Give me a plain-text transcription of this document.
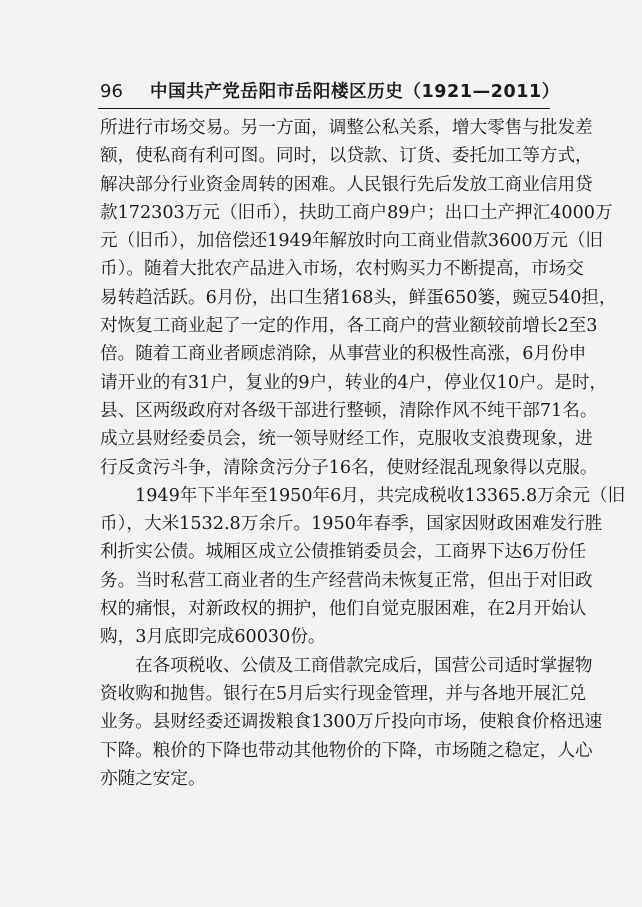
96 中国共产党岳阳市岳阳楼区历史（1921—2011）
所进行市场交易。另一方面，调整公私关系，增大零售与批发差
额，使私商有利可图。同时，以贷款、订货、委托加工等方式，
解决部分行业资金周转的困难。人民银行先后发放工商业信用贷
款172303万元（旧币），扶助工商户89户；出口土产押汇4000万
元（旧币），加倍偿还1949年解放时向工商业借款3600万元（旧
币）。随着大批农产品进入市场，农村购买力不断提高，市场交
易转趋活跃。6月份，出口生猪168头，鲜蛋650篓，豌豆540担，
对恢复工商业起了一定的作用，各工商户的营业额较前增长2至3
倍。随着工商业者顾虑消除，从事营业的积极性高涨，6月份申
请开业的有31户，复业的9户，转业的4户，停业仅10户。是时，
县、区两级政府对各级干部进行整顿，清除作风不纯干部71名。
成立县财经委员会，统一领导财经工作，克服收支浪费现象，进
行反贪污斗争，清除贪污分子16名，使财经混乱现象得以克服。
1949年下半年至1950年6月，共完成税收13365.8万余元（旧
币），大米1532.8万余斤。1950年春季，国家因财政困难发行胜
利折实公债。城厢区成立公债推销委员会，工商界下达6万份任
务。当时私营工商业者的生产经营尚未恢复正常，但出于对旧政
权的痛恨，对新政权的拥护，他们自觉克服困难，在2月开始认
购，3月底即完成60030份。
在各项税收、公债及工商借款完成后，国营公司适时掌握物
资收购和抛售。银行在5月后实行现金管理，并与各地开展汇兑
业务。县财经委还调拨粮食1300万斤投向市场，使粮食价格迅速
下降。粮价的下降也带动其他物价的下降，市场随之稳定，人心
亦随之安定。
